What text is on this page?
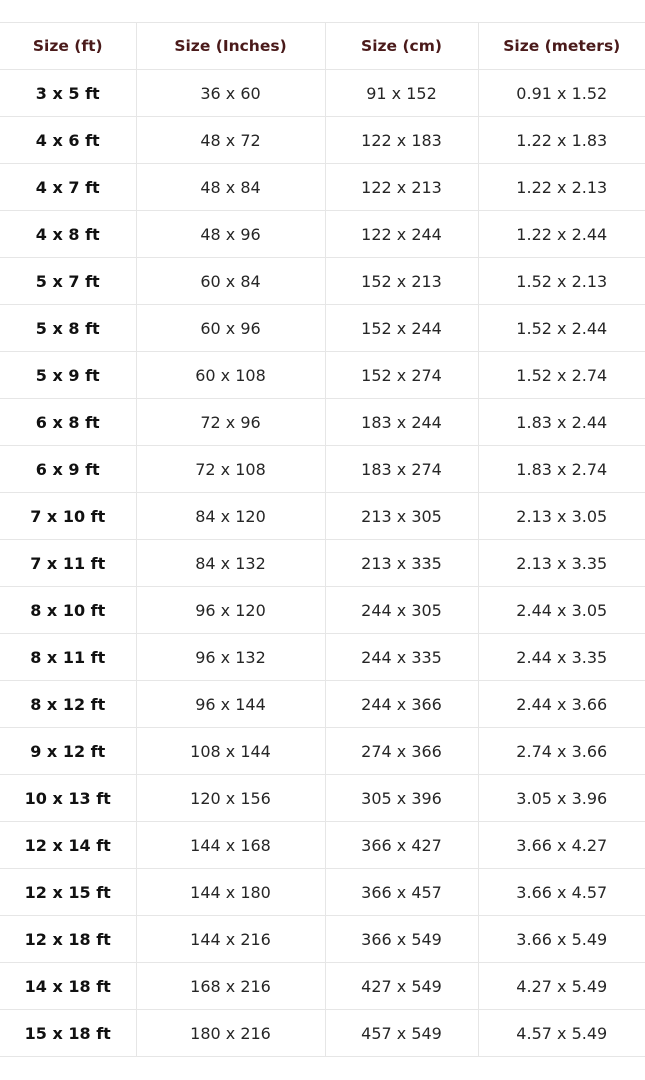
Size (ft)	Size (Inches)	Size (cm)	Size (meters)
3 x 5 ft	36 x 60	91 x 152	0.91 x 1.52
4 x 6 ft	48 x 72	122 x 183	1.22 x 1.83
4 x 7 ft	48 x 84	122 x 213	1.22 x 2.13
4 x 8 ft	48 x 96	122 x 244	1.22 x 2.44
5 x 7 ft	60 x 84	152 x 213	1.52 x 2.13
5 x 8 ft	60 x 96	152 x 244	1.52 x 2.44
5 x 9 ft	60 x 108	152 x 274	1.52 x 2.74
6 x 8 ft	72 x 96	183 x 244	1.83 x 2.44
6 x 9 ft	72 x 108	183 x 274	1.83 x 2.74
7 x 10 ft	84 x 120	213 x 305	2.13 x 3.05
7 x 11 ft	84 x 132	213 x 335	2.13 x 3.35
8 x 10 ft	96 x 120	244 x 305	2.44 x 3.05
8 x 11 ft	96 x 132	244 x 335	2.44 x 3.35
8 x 12 ft	96 x 144	244 x 366	2.44 x 3.66
9 x 12 ft	108 x 144	274 x 366	2.74 x 3.66
10 x 13 ft	120 x 156	305 x 396	3.05 x 3.96
12 x 14 ft	144 x 168	366 x 427	3.66 x 4.27
12 x 15 ft	144 x 180	366 x 457	3.66 x 4.57
12 x 18 ft	144 x 216	366 x 549	3.66 x 5.49
14 x 18 ft	168 x 216	427 x 549	4.27 x 5.49
15 x 18 ft	180 x 216	457 x 549	4.57 x 5.49
